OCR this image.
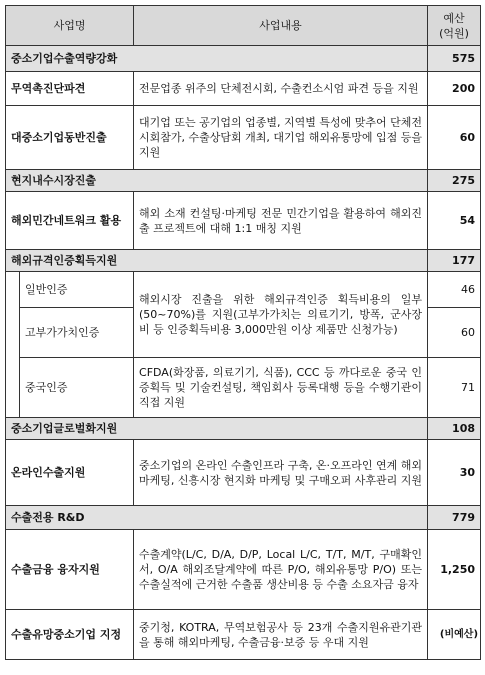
사업명		사업내용	예산
(억원)
중소기업수출역량강화			575
무역촉진단파견		전문업종 위주의 단체전시회, 수출컨소시엄 파견 등을 지원	200
대중소기업동반진출		대기업 또는 공기업의 업종별, 지역별 특성에 맞추어 단체전시회참가, 수출상담회 개최, 대기업 해외유통망에 입점 등을 지원	60
현지내수시장진출			275
해외민간네트워크 활용		해외 소재 컨설팅·마케팅 전문 민간기업을 활용하여 해외진출 프로젝트에 대해 1:1 매칭 지원	54
해외규격인증획득지원			177
	일반인증	해외시장 진출을 위한 해외규격인증 획득비용의 일부(50~70%)를 지원(고부가가치는 의료기기, 방폭, 군사장비 등 인증획득비용 3,000만원 이상 제품만 신청가능)	46
	고부가가치인증		60
	중국인증	CFDA(화장품, 의료기기, 식품), CCC 등 까다로운 중국 인증획득 및 기술컨설팅, 책임회사 등록대행 등을 수행기관이 직접 지원	71
중소기업글로벌화지원			108
온라인수출지원		중소기업의 온라인 수출인프라 구축, 온·오프라인 연계 해외마케팅, 신흥시장 현지화 마케팅 및 구매오퍼 사후관리 지원	30
수출전용 R&D			779
수출금융 융자지원		수출계약(L/C, D/A, D/P, Local L/C, T/T, M/T, 구매확인서, O/A 해외조달계약에 따른 P/O, 해외유통망 P/O) 또는 수출실적에 근거한 수출품 생산비용 등 수출 소요자금 융자	1,250
수출유망중소기업 지정		중기청, KOTRA, 무역보험공사 등 23개 수출지원유관기관을 통해 해외마케팅, 수출금융·보증 등 우대 지원	(비예산)
